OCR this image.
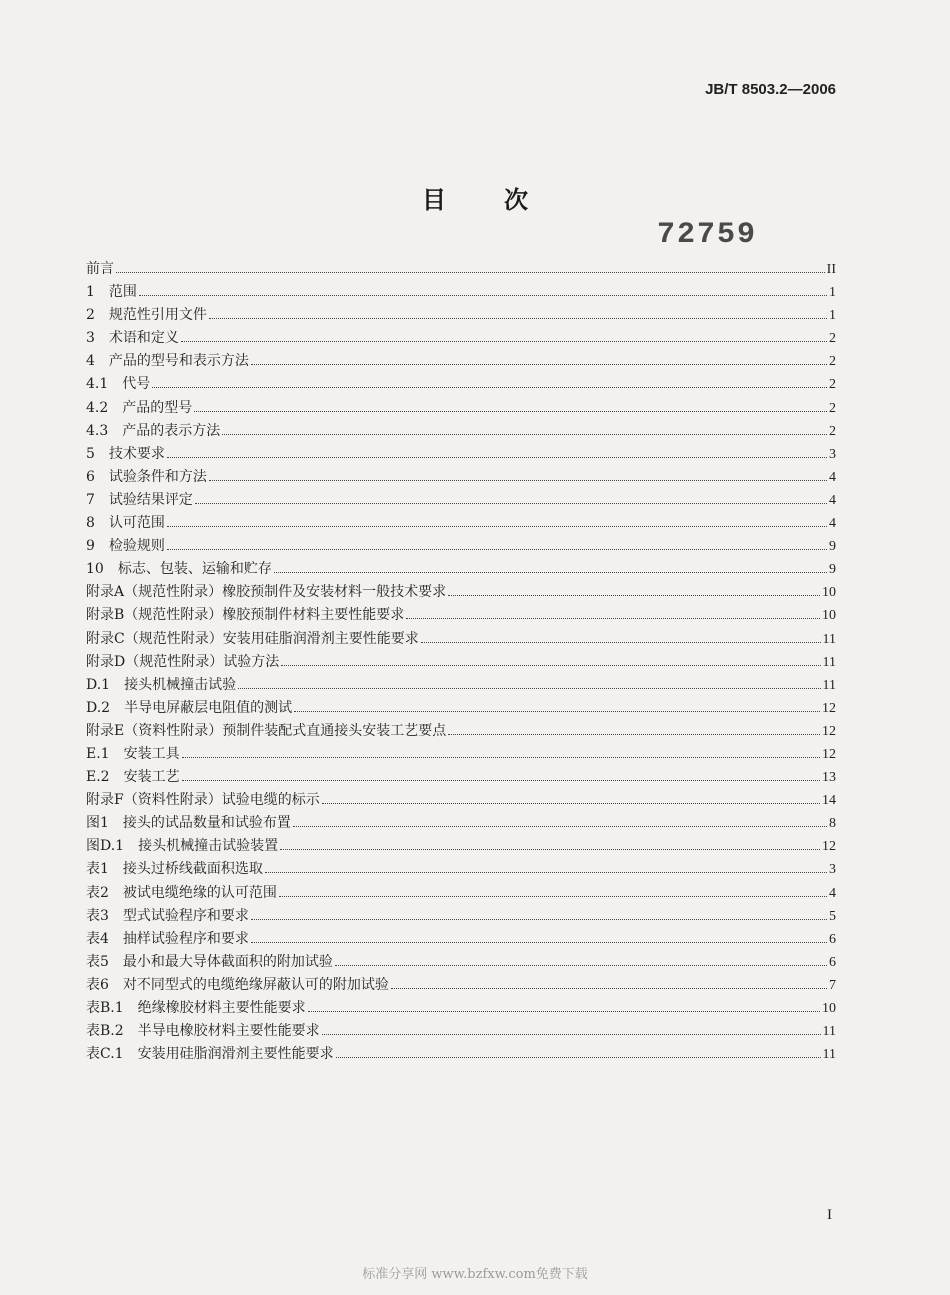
JB/T 8503.2—2006
目次
72759
前言	II
1　范围	1
2　规范性引用文件	1
3　术语和定义	2
4　产品的型号和表示方法	2
4.1　代号	2
4.2　产品的型号	2
4.3　产品的表示方法	2
5　技术要求	3
6　试验条件和方法	4
7　试验结果评定	4
8　认可范围	4
9　检验规则	9
10　标志、包装、运输和贮存	9
附录A（规范性附录）橡胶预制件及安装材料一般技术要求	10
附录B（规范性附录）橡胶预制件材料主要性能要求	10
附录C（规范性附录）安装用硅脂润滑剂主要性能要求	11
附录D（规范性附录）试验方法	11
D.1　接头机械撞击试验	11
D.2　半导电屏蔽层电阻值的测试	12
附录E（资料性附录）预制件装配式直通接头安装工艺要点	12
E.1　安装工具	12
E.2　安装工艺	13
附录F（资料性附录）试验电缆的标示	14
图1　接头的试品数量和试验布置	8
图D.1　接头机械撞击试验装置	12
表1　接头过桥线截面积选取	3
表2　被试电缆绝缘的认可范围	4
表3　型式试验程序和要求	5
表4　抽样试验程序和要求	6
表5　最小和最大导体截面积的附加试验	6
表6　对不同型式的电缆绝缘屏蔽认可的附加试验	7
表B.1　绝缘橡胶材料主要性能要求	10
表B.2　半导电橡胶材料主要性能要求	11
表C.1　安装用硅脂润滑剂主要性能要求	11
I
标准分享网 www.bzfxw.com免费下载
